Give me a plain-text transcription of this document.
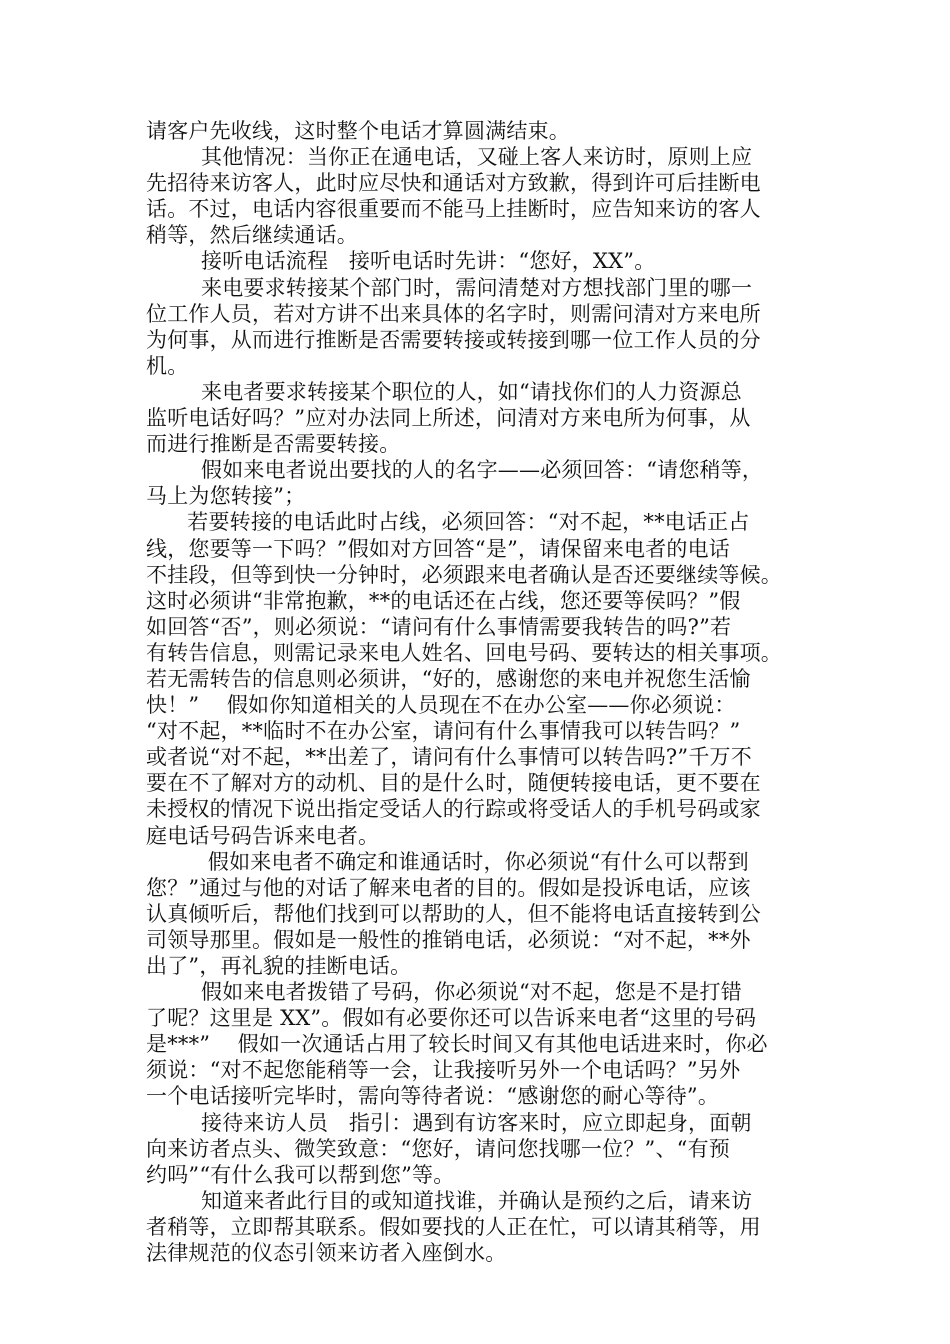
请客户先收线，这时整个电话才算圆满结束。
其他情况：当你正在通电话，又碰上客人来访时，原则上应
先招待来访客人，此时应尽快和通话对方致歉，得到许可后挂断电
话。不过，电话内容很重要而不能马上挂断时，应告知来访的客人
稍等，然后继续通话。
接听电话流程   接听电话时先讲：“您好，XX”。
来电要求转接某个部门时，需问清楚对方想找部门里的哪一
位工作人员，若对方讲不出来具体的名字时，则需问清对方来电所
为何事，从而进行推断是否需要转接或转接到哪一位工作人员的分
机。
来电者要求转接某个职位的人，如“请找你们的人力资源总
监听电话好吗？”应对办法同上所述，问清对方来电所为何事，从
而进行推断是否需要转接。
假如来电者说出要找的人的名字——必须回答：“请您稍等，
马上为您转接”；
若要转接的电话此时占线，必须回答：“对不起，**电话正占
线，您要等一下吗？”假如对方回答“是”，请保留来电者的电话
不挂段，但等到快一分钟时，必须跟来电者确认是否还要继续等候。
这时必须讲“非常抱歉，**的电话还在占线，您还要等侯吗？”假
如回答“否”，则必须说：“请问有什么事情需要我转告的吗?”若
有转告信息，则需记录来电人姓名、回电号码、要转达的相关事项。
若无需转告的信息则必须讲，“好的，感谢您的来电并祝您生活愉
快！”    假如你知道相关的人员现在不在办公室——你必须说：
“对不起，**临时不在办公室，请问有什么事情我可以转告吗？”
或者说“对不起，**出差了，请问有什么事情可以转告吗?”千万不
要在不了解对方的动机、目的是什么时，随便转接电话，更不要在
未授权的情况下说出指定受话人的行踪或将受话人的手机号码或家
庭电话号码告诉来电者。
假如来电者不确定和谁通话时，你必须说“有什么可以帮到
您？”通过与他的对话了解来电者的目的。假如是投诉电话，应该
认真倾听后，帮他们找到可以帮助的人，但不能将电话直接转到公
司领导那里。假如是一般性的推销电话，必须说：“对不起，**外
出了”，再礼貌的挂断电话。
假如来电者拨错了号码，你必须说“对不起，您是不是打错
了呢？这里是 XX”。假如有必要你还可以告诉来电者“这里的号码
是***”    假如一次通话占用了较长时间又有其他电话进来时，你必
须说：“对不起您能稍等一会，让我接听另外一个电话吗？”另外
一个电话接听完毕时，需向等待者说：“感谢您的耐心等待”。
接待来访人员   指引：遇到有访客来时，应立即起身，面朝
向来访者点头、微笑致意：“您好，请问您找哪一位？”、“有预
约吗”“有什么我可以帮到您”等。
知道来者此行目的或知道找谁，并确认是预约之后，请来访
者稍等，立即帮其联系。假如要找的人正在忙，可以请其稍等，用
法律规范的仪态引领来访者入座倒水。
